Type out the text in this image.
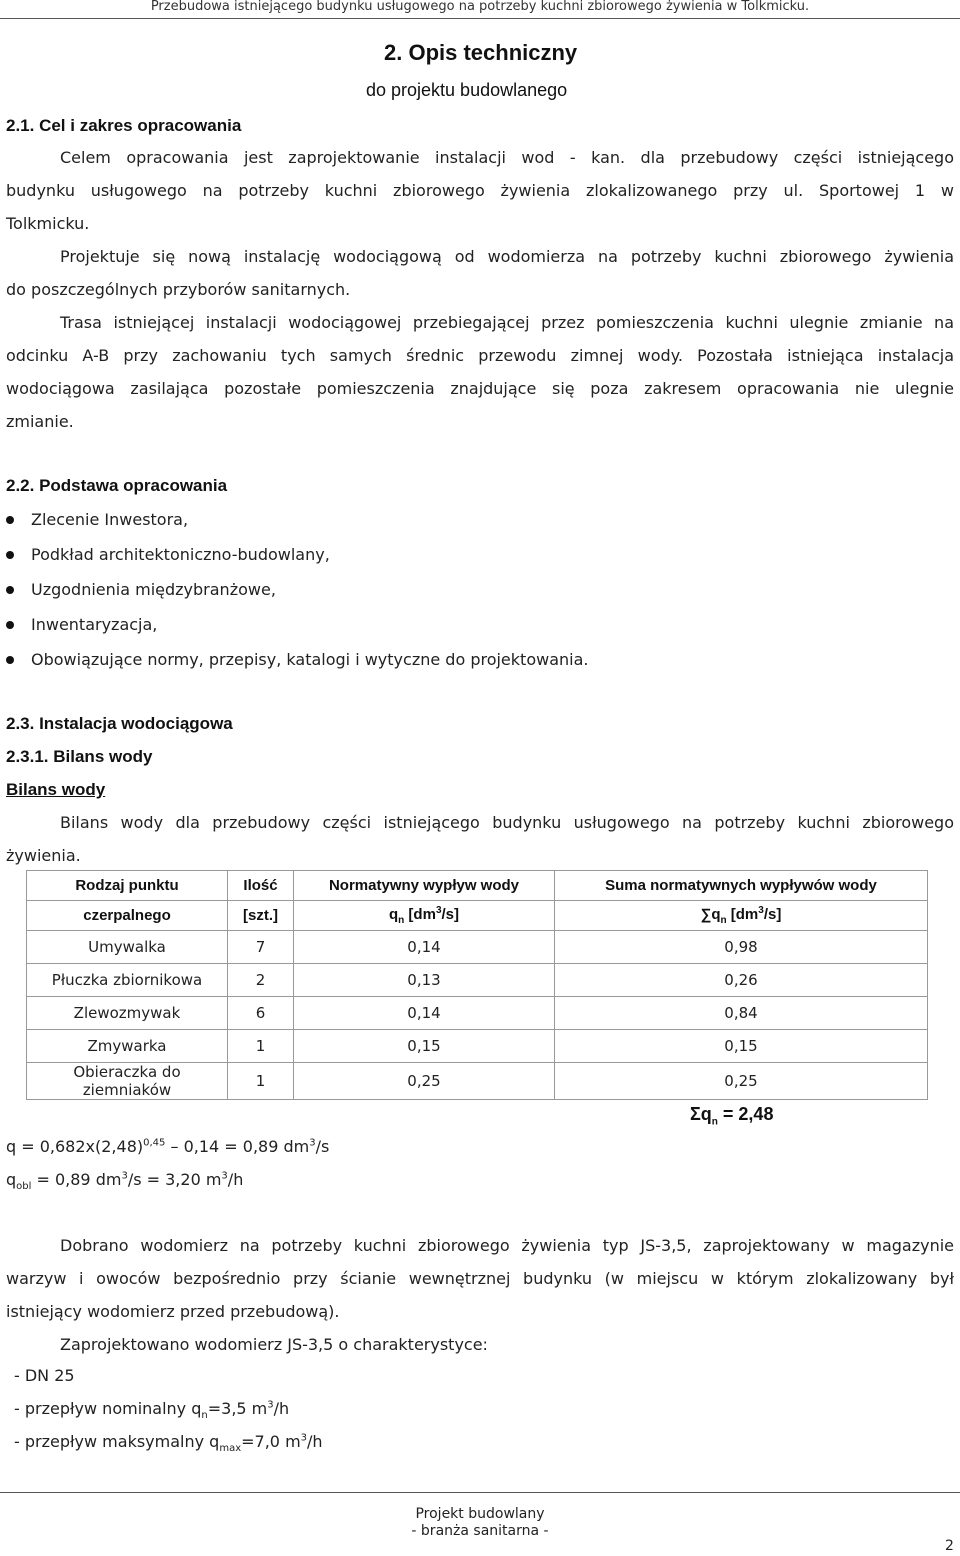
Przebudowa istniejącego budynku usługowego na potrzeby kuchni zbiorowego żywienia w Tolkmicku.
2. Opis techniczny
do projektu budowlanego
2.1. Cel i zakres opracowania
Celem opracowania jest zaprojektowanie instalacji wod - kan. dla przebudowy części istniejącego
budynku usługowego na potrzeby kuchni zbiorowego żywienia zlokalizowanego przy ul. Sportowej 1 w
Tolkmicku.
Projektuje się nową instalację wodociągową od wodomierza na potrzeby kuchni zbiorowego żywienia
do poszczególnych przyborów sanitarnych.
Trasa istniejącej instalacji wodociągowej przebiegającej przez pomieszczenia kuchni ulegnie zmianie na
odcinku A-B przy zachowaniu tych samych średnic przewodu zimnej wody. Pozostała istniejąca instalacja
wodociągowa zasilająca pozostałe pomieszczenia znajdujące się poza zakresem opracowania nie ulegnie
zmianie.
2.2. Podstawa opracowania
Zlecenie Inwestora,
Podkład architektoniczno-budowlany,
Uzgodnienia międzybranżowe,
Inwentaryzacja,
Obowiązujące normy, przepisy, katalogi i wytyczne do projektowania.
2.3. Instalacja wodociągowa
2.3.1. Bilans wody
Bilans wody
Bilans wody dla przebudowy części istniejącego budynku usługowego na potrzeby kuchni zbiorowego
żywienia.
Rodzaj punktu	Ilość	Normatywny wypływ wody	Suma normatywnych wypływów wody
czerpalnego	[szt.]	$q_n$ $[dm^3/s]$	$\sum q_n$ $[dm^3/s]$
Umywalka	7	0,14	0,98
Płuczka zbiornikowa	2	0,13	0,26
Zlewozmywak	6	0,14	0,84
Zmywarka	1	0,15	0,15
Obieraczka do ziemniaków	1	0,25	0,25
$\Sigma q_n = 2,48$
$q = 0,682x(2,48)^{0,45} - 0,14 = 0,89$ $dm^3/s$
$q_{obl} = 0,89$ $dm^3/s = 3,20$ $m^3/h$
Dobrano wodomierz na potrzeby kuchni zbiorowego żywienia typ JS-3,5, zaprojektowany w magazynie
warzyw i owoców bezpośrednio przy ścianie wewnętrznej budynku (w miejscu w którym zlokalizowany był
istniejący wodomierz przed przebudową).
Zaprojektowano wodomierz JS-3,5 o charakterystyce:
- DN 25
- przepływ nominalny $q_n=3,5$ $m^3/h$
- przepływ maksymalny $q_{max}=7,0$ $m^3/h$
Projekt budowlany
- branża sanitarna -
2
